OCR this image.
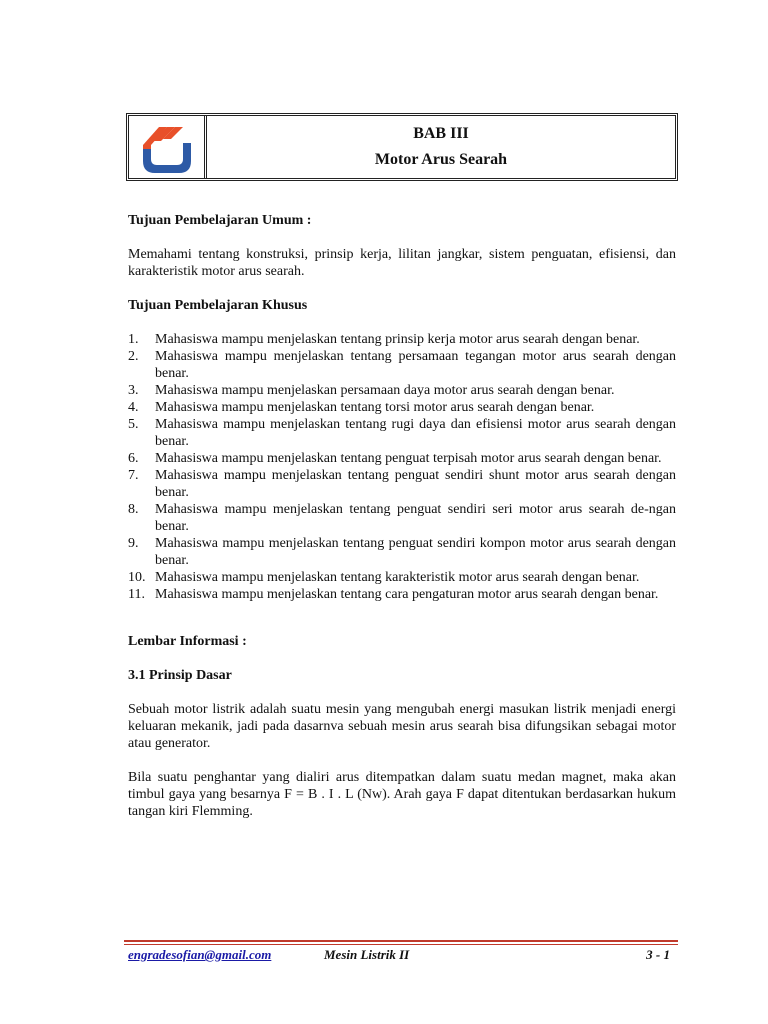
BAB III
Motor Arus Searah

Tujuan Pembelajaran Umum :

Memahami tentang konstruksi, prinsip kerja, lilitan jangkar, sistem penguatan, efisiensi, dan karakteristik motor arus searah.

Tujuan Pembelajaran Khusus

1.	Mahasiswa mampu menjelaskan tentang prinsip kerja motor arus searah dengan benar.
2.	Mahasiswa mampu menjelaskan tentang persamaan tegangan motor arus searah dengan benar.
3.	Mahasiswa mampu menjelaskan persamaan daya motor arus searah dengan benar.
4.	Mahasiswa mampu menjelaskan tentang torsi motor arus searah dengan benar.
5.	Mahasiswa mampu menjelaskan tentang rugi daya dan efisiensi motor arus searah dengan benar.
6.	Mahasiswa mampu menjelaskan tentang penguat terpisah motor arus searah dengan benar.
7.	Mahasiswa mampu menjelaskan tentang penguat sendiri shunt motor arus searah dengan benar.
8.	Mahasiswa mampu menjelaskan tentang penguat sendiri seri motor arus searah de-ngan benar.
9.	Mahasiswa mampu menjelaskan tentang penguat sendiri kompon motor arus searah dengan benar.
10. Mahasiswa mampu menjelaskan tentang karakteristik motor arus searah dengan benar.
11. Mahasiswa mampu menjelaskan tentang cara pengaturan motor arus searah dengan benar.

Lembar Informasi :

3.1 Prinsip Dasar

Sebuah motor listrik adalah suatu mesin yang mengubah energi masukan listrik menjadi energi keluaran mekanik, jadi pada dasarnva sebuah mesin arus searah bisa difungsikan sebagai motor atau generator.

Bila suatu penghantar yang dialiri arus ditempatkan dalam suatu medan magnet, maka akan timbul gaya yang besarnya F = B . I . L (Nw). Arah gaya F dapat ditentukan berdasarkan hukum tangan kiri Flemming.

engradesofian@gmail.com	Mesin Listrik II	3 - 1
